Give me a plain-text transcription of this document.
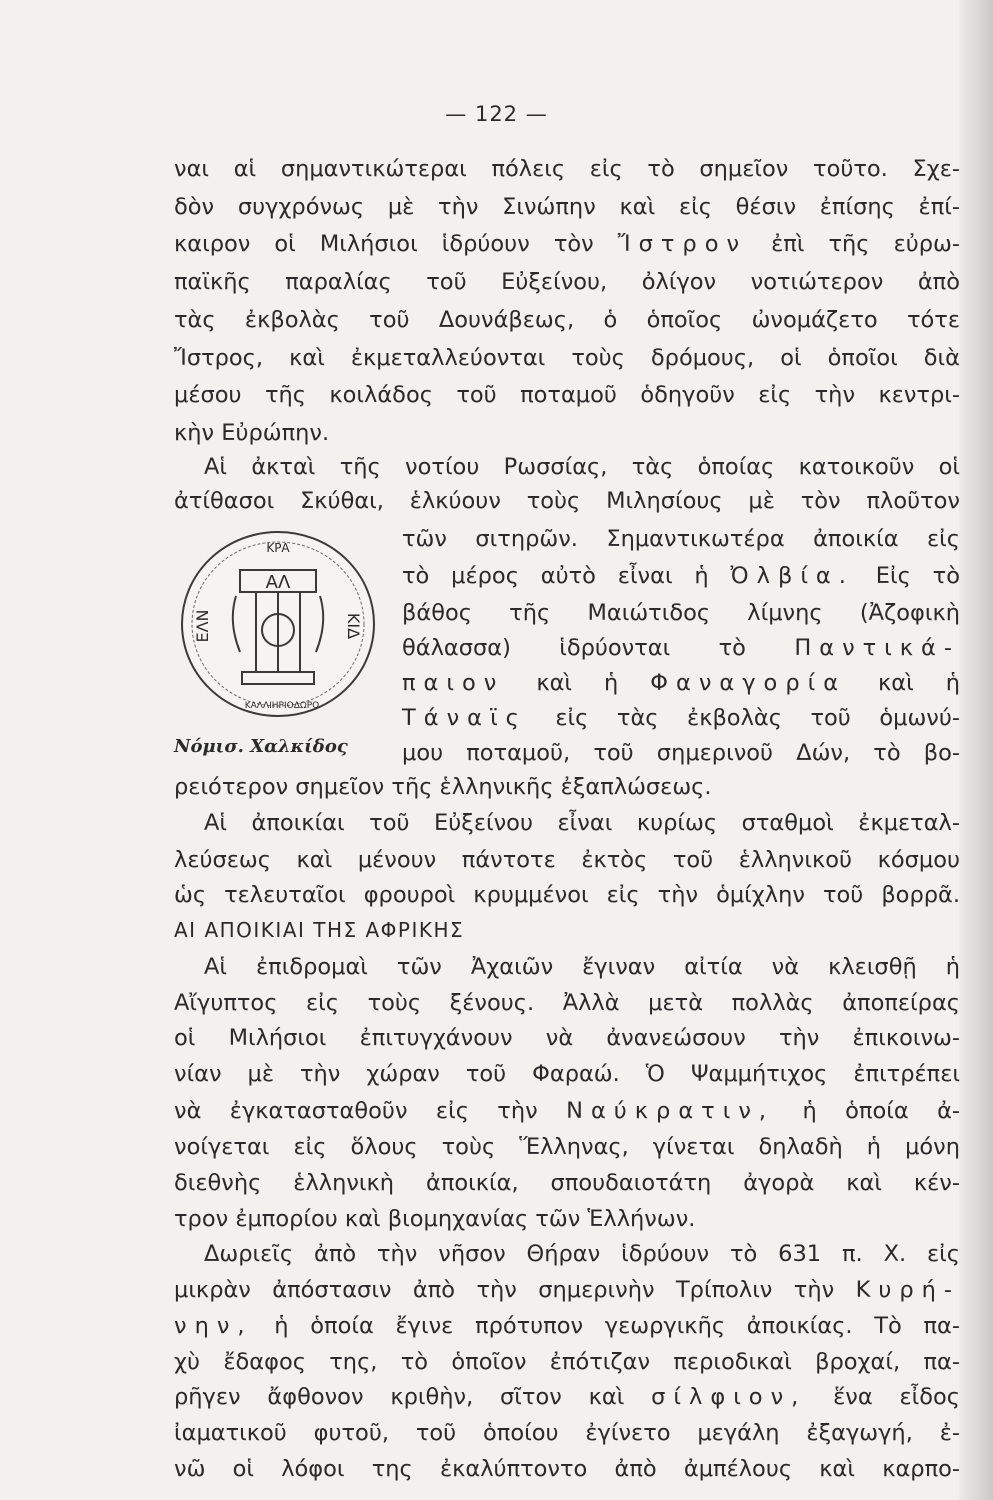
— 122 —
ναι αἱ σημαντικώτεραι πόλεις εἰς τὸ σημεῖον τοῦτο. Σχε-
δὸν συγχρόνως μὲ τὴν Σινώπην καὶ εἰς θέσιν ἐπίσης ἐπί-
καιρον οἱ Μιλήσιοι ἱδρύουν τὸν Ἴστρον ἐπὶ τῆς εὐρω-
παϊκῆς παραλίας τοῦ Εὐξείνου, ὀλίγον νοτιώτερον ἀπὸ
τὰς ἐκβολὰς τοῦ Δουνάβεως, ὁ ὁποῖος ὠνομάζετο τότε
Ἴστρος, καὶ ἐκμεταλλεύονται τοὺς δρόμους, οἱ ὁποῖοι διὰ
μέσου τῆς κοιλάδος τοῦ ποταμοῦ ὁδηγοῦν εἰς τὴν κεντρι-
κὴν Εὐρώπην.
Αἱ ἀκταὶ τῆς νοτίου Ρωσσίας, τὰς ὁποίας κατοικοῦν οἱ
ἀτίθασοι Σκύθαι, ἑλκύουν τοὺς Μιλησίους μὲ τὸν πλοῦτον
τῶν σιτηρῶν. Σημαντικωτέρα ἀποικία εἰς
τὸ μέρος αὐτὸ εἶναι ἡ Ὀλβία. Εἰς τὸ
βάθος τῆς Μαιώτιδος λίμνης (Ἀζοφικὴ
θάλασσα) ἱδρύονται τὸ Παντικά-
παιον καὶ ἡ Φαναγορία καὶ ἡ
Τάναϊς εἰς τὰς ἐκβολὰς τοῦ ὁμωνύ-
ΚΡΑ
ΑΛ
ΕΛΝ	ΚΙΔ
ΚΑΛΛΙΗΡΙΟΔΩΡΟ
Νόμισ. Χαλκίδος μου ποταμοῦ, τοῦ σημερινοῦ Δών, τὸ βο-
ρειότερον σημεῖον τῆς ἑλληνικῆς ἐξαπλώσεως.
Αἱ ἀποικίαι τοῦ Εὐξείνου εἶναι κυρίως σταθμοὶ ἐκμεταλ-
λεύσεως καὶ μένουν πάντοτε ἐκτὸς τοῦ ἑλληνικοῦ κόσμου
ὡς τελευταῖοι φρουροὶ κρυμμένοι εἰς τὴν ὁμίχλην τοῦ βορρᾶ.
ΑΙ ΑΠΟΙΚΙΑΙ ΤΗΣ ΑΦΡΙΚΗΣ
Αἱ ἐπιδρομαὶ τῶν Ἀχαιῶν ἔγιναν αἰτία νὰ κλεισθῇ ἡ
Αἴγυπτος εἰς τοὺς ξένους. Ἀλλὰ μετὰ πολλὰς ἀποπείρας
οἱ Μιλήσιοι ἐπιτυγχάνουν νὰ ἀνανεώσουν τὴν ἐπικοινω-
νίαν μὲ τὴν χώραν τοῦ Φαραώ. Ὁ Ψαμμήτιχος ἐπιτρέπει
νὰ ἐγκατασταθοῦν εἰς τὴν Ναύκρατιν, ἡ ὁποία ἀ-
νοίγεται εἰς ὅλους τοὺς Ἕλληνας, γίνεται δηλαδὴ ἡ μόνη
διεθνὴς ἑλληνικὴ ἀποικία, σπουδαιοτάτη ἀγορὰ καὶ κέν-
τρον ἐμπορίου καὶ βιομηχανίας τῶν Ἑλλήνων.
Δωριεῖς ἀπὸ τὴν νῆσον Θήραν ἱδρύουν τὸ 631 π. Χ. εἰς
μικρὰν ἀπόστασιν ἀπὸ τὴν σημερινὴν Τρίπολιν τὴν Κυρή-
νην, ἡ ὁποία ἔγινε πρότυπον γεωργικῆς ἀποικίας. Τὸ πα-
χὺ ἔδαφος της, τὸ ὁποῖον ἐπότιζαν περιοδικαὶ βροχαί, πα-
ρῆγεν ἄφθονον κριθὴν, σῖτον καὶ σίλφιον, ἕνα εἶδος
ἰαματικοῦ φυτοῦ, τοῦ ὁποίου ἐγίνετο μεγάλη ἐξαγωγή, ἐ-
νῶ οἱ λόφοι της ἐκαλύπτοντο ἀπὸ ἀμπέλους καὶ καρπο-
